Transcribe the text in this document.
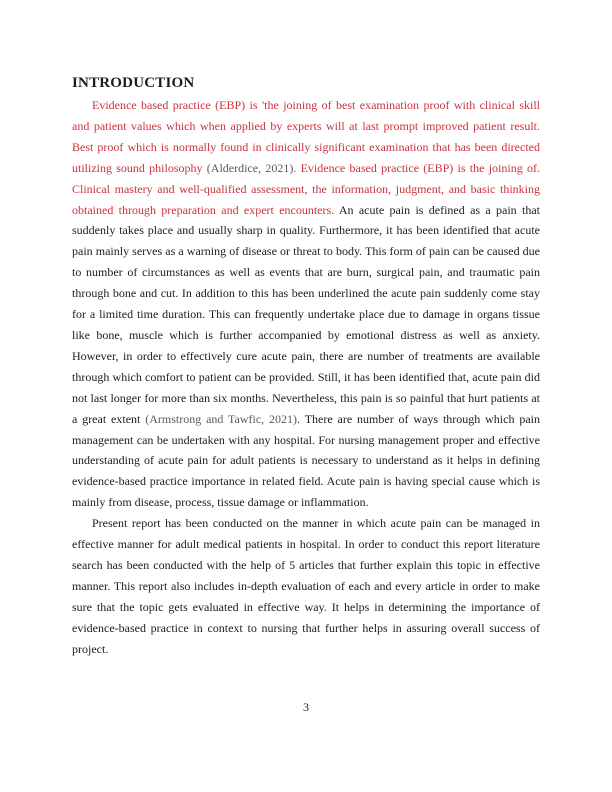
INTRODUCTION
Evidence based practice (EBP) is 'the joining of best examination proof with clinical skill
and patient values which when applied by experts will at last prompt improved patient result.
Best proof which is normally found in clinically significant examination that has been directed
utilizing sound philosophy (Alderdice, 2021). Evidence based practice (EBP) is the joining of.
Clinical mastery and well-qualified assessment, the information, judgment, and basic thinking
obtained through preparation and expert encounters. An acute pain is defined as a pain that
suddenly takes place and usually sharp in quality. Furthermore, it has been identified that acute
pain mainly serves as a warning of disease or threat to body. This form of pain can be caused due
to number of circumstances as well as events that are burn, surgical pain, and traumatic pain
through bone and cut. In addition to this has been underlined the acute pain suddenly come stay
for a limited time duration. This can frequently undertake place due to damage in organs tissue
like bone, muscle which is further accompanied by emotional distress as well as anxiety.
However, in order to effectively cure acute pain, there are number of treatments are available
through which comfort to patient can be provided. Still, it has been identified that, acute pain did
not last longer for more than six months. Nevertheless, this pain is so painful that hurt patients at
a great extent (Armstrong and Tawfic, 2021). There are number of ways through which pain
management can be undertaken with any hospital. For nursing management proper and effective
understanding of acute pain for adult patients is necessary to understand as it helps in defining
evidence-based practice importance in related field. Acute pain is having special cause which is
mainly from disease, process, tissue damage or inflammation.
Present report has been conducted on the manner in which acute pain can be managed in
effective manner for adult medical patients in hospital. In order to conduct this report literature
search has been conducted with the help of 5 articles that further explain this topic in effective
manner. This report also includes in-depth evaluation of each and every article in order to make
sure that the topic gets evaluated in effective way. It helps in determining the importance of
evidence-based practice in context to nursing that further helps in assuring overall success of
project.
3
